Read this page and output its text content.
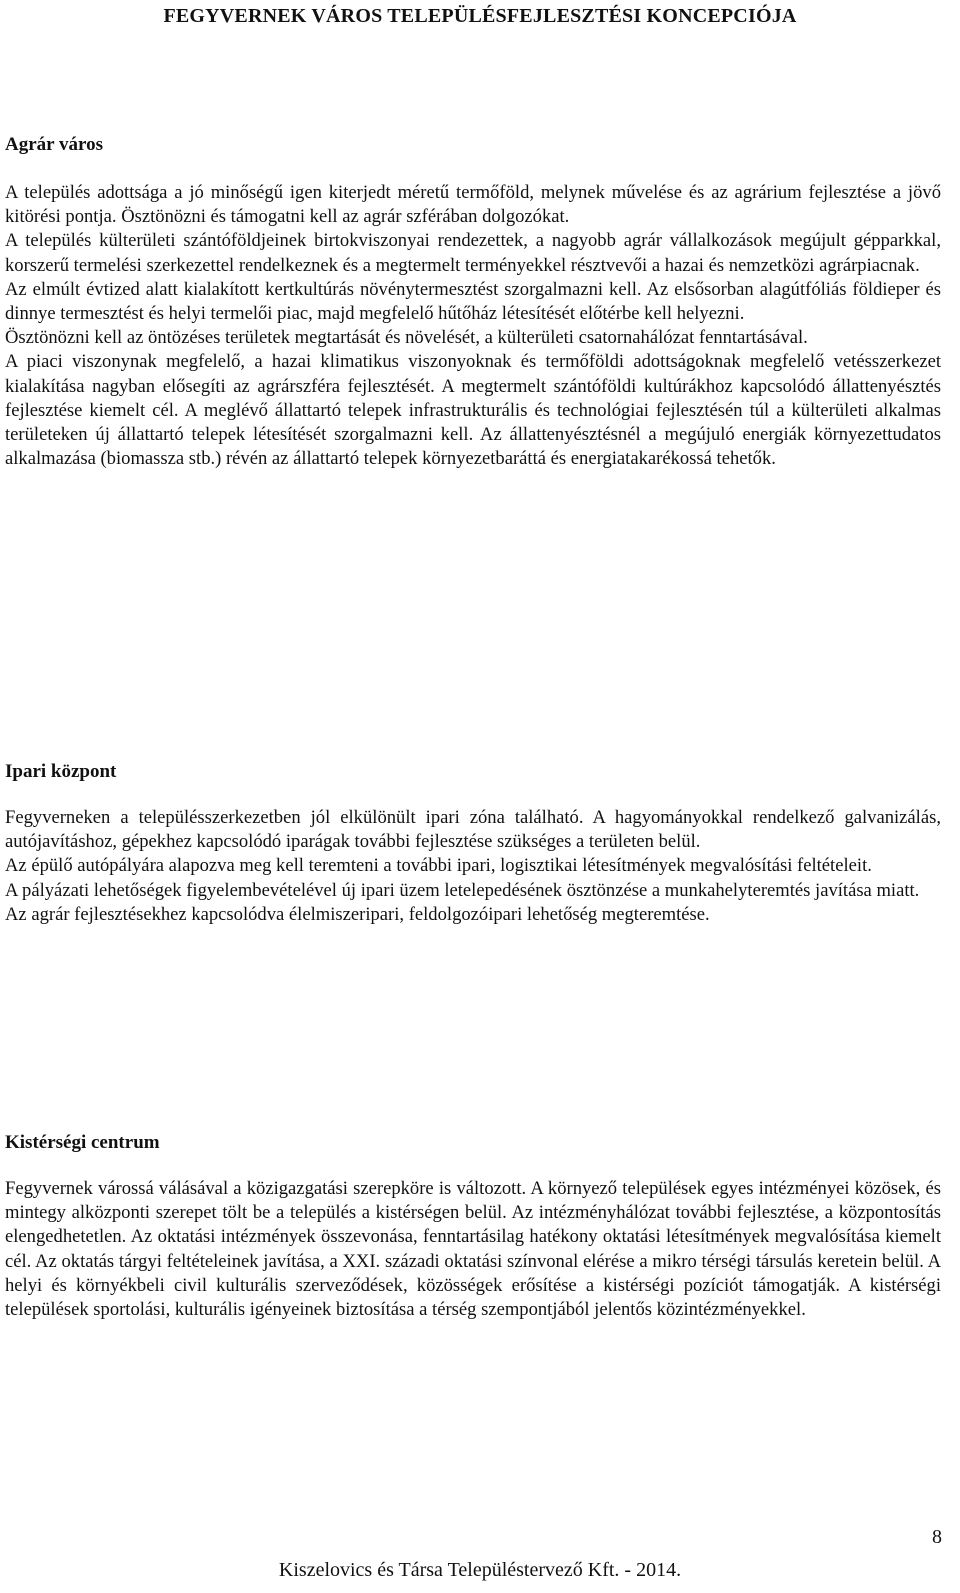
FEGYVERNEK VÁROS TELEPÜLÉSFEJLESZTÉSI KONCEPCIÓJA
Agrár város

A település adottsága a jó minőségű igen kiterjedt méretű termőföld, melynek művelése és az agrárium fejlesztése a jövő kitörési pontja. Ösztönözni és támogatni kell az agrár szférában dolgozókat.

A település külterületi szántóföldjeinek birtokviszonyai rendezettek, a nagyobb agrár vállalkozások megújult gépparkkal, korszerű termelési szerkezettel rendelkeznek és a megtermelt terményekkel résztvevői a hazai és nemzetközi agrárpiacnak.

Az elmúlt évtized alatt kialakított kertkultúrás növénytermesztést szorgalmazni kell. Az elsősorban alagútfóliás földieper és dinnye termesztést és helyi termelői piac, majd megfelelő hűtőház létesítését előtérbe kell helyezni.

Ösztönözni kell az öntözéses területek megtartását és növelését, a külterületi csatornahálózat fenntartásával.

A piaci viszonynak megfelelő, a hazai klimatikus viszonyoknak és termőföldi adottságoknak megfelelő vetésszerkezet kialakítása nagyban elősegíti az agrárszféra fejlesztését. A megtermelt szántóföldi kultúrákhoz kapcsolódó állattenyésztés fejlesztése kiemelt cél. A meglévő állattartó telepek infrastrukturális és technológiai fejlesztésén túl a külterületi alkalmas területeken új állattartó telepek létesítését szorgalmazni kell. Az állattenyésztésnél a megújuló energiák környezettudatos alkalmazása (biomassza stb.) révén az állattartó telepek környezetbaráttá és energiatakarékossá tehetők.

Ipari központ

Fegyverneken a településszerkezetben jól elkülönült ipari zóna található. A hagyományokkal rendelkező galvanizálás, autójavításhoz, gépekhez kapcsolódó iparágak további fejlesztése szükséges a területen belül.

Az épülő autópályára alapozva meg kell teremteni a további ipari, logisztikai létesítmények megvalósítási feltételeit.

A pályázati lehetőségek figyelembevételével új ipari üzem letelepedésének ösztönzése a munkahelyteremtés javítása miatt.

Az agrár fejlesztésekhez kapcsolódva élelmiszeripari, feldolgozóipari lehetőség megteremtése.

Kistérségi centrum

Fegyvernek várossá válásával a közigazgatási szerepköre is változott. A környező települések egyes intézményei közösek, és mintegy alközponti szerepet tölt be a település a kistérségen belül. Az intézményhálózat további fejlesztése, a központosítás elengedhetetlen. Az oktatási intézmények összevonása, fenntartásilag hatékony oktatási létesítmények megvalósítása kiemelt cél. Az oktatás tárgyi feltételeinek javítása, a XXI. századi oktatási színvonal elérése a mikro térségi társulás keretein belül. A helyi és környékbeli civil kulturális szerveződések, közösségek erősítése a kistérségi pozíciót támogatják. A kistérségi települések sportolási, kulturális igényeinek biztosítása a térség szempontjából jelentős közintézményekkel.

8
Kiszelovics és Társa Településtervező Kft. - 2014.
